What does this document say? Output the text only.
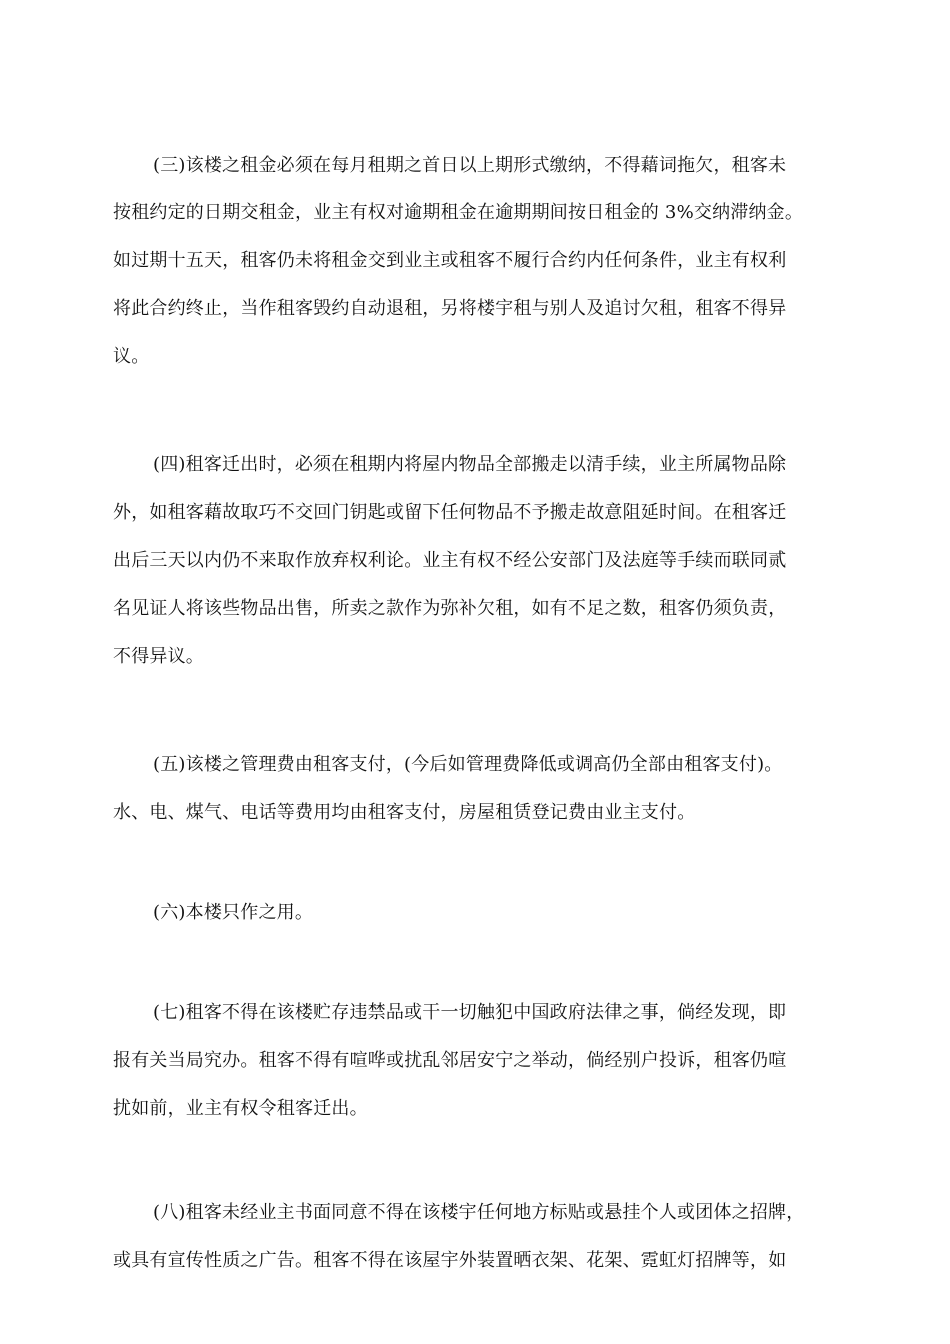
(三)该楼之租金必须在每月租期之首日以上期形式缴纳，不得藉词拖欠，租客未
按租约定的日期交租金，业主有权对逾期租金在逾期期间按日租金的 3%交纳滞纳金。
如过期十五天，租客仍未将租金交到业主或租客不履行合约内任何条件，业主有权利
将此合约终止，当作租客毁约自动退租，另将楼宇租与别人及追讨欠租，租客不得异
议。
(四)租客迁出时，必须在租期内将屋内物品全部搬走以清手续，业主所属物品除
外，如租客藉故取巧不交回门钥匙或留下任何物品不予搬走故意阻延时间。在租客迁
出后三天以内仍不来取作放弃权利论。业主有权不经公安部门及法庭等手续而联同贰
名见证人将该些物品出售，所卖之款作为弥补欠租，如有不足之数，租客仍须负责，
不得异议。
(五)该楼之管理费由租客支付，(今后如管理费降低或调高仍全部由租客支付)。
水、电、煤气、电话等费用均由租客支付，房屋租赁登记费由业主支付。
(六)本楼只作之用。
(七)租客不得在该楼贮存违禁品或干一切触犯中国政府法律之事，倘经发现，即
报有关当局究办。租客不得有喧哗或扰乱邻居安宁之举动，倘经别户投诉，租客仍喧
扰如前，业主有权令租客迁出。
(八)租客未经业主书面同意不得在该楼宇任何地方标贴或悬挂个人或团体之招牌，
或具有宣传性质之广告。租客不得在该屋宇外装置晒衣架、花架、霓虹灯招牌等，如
